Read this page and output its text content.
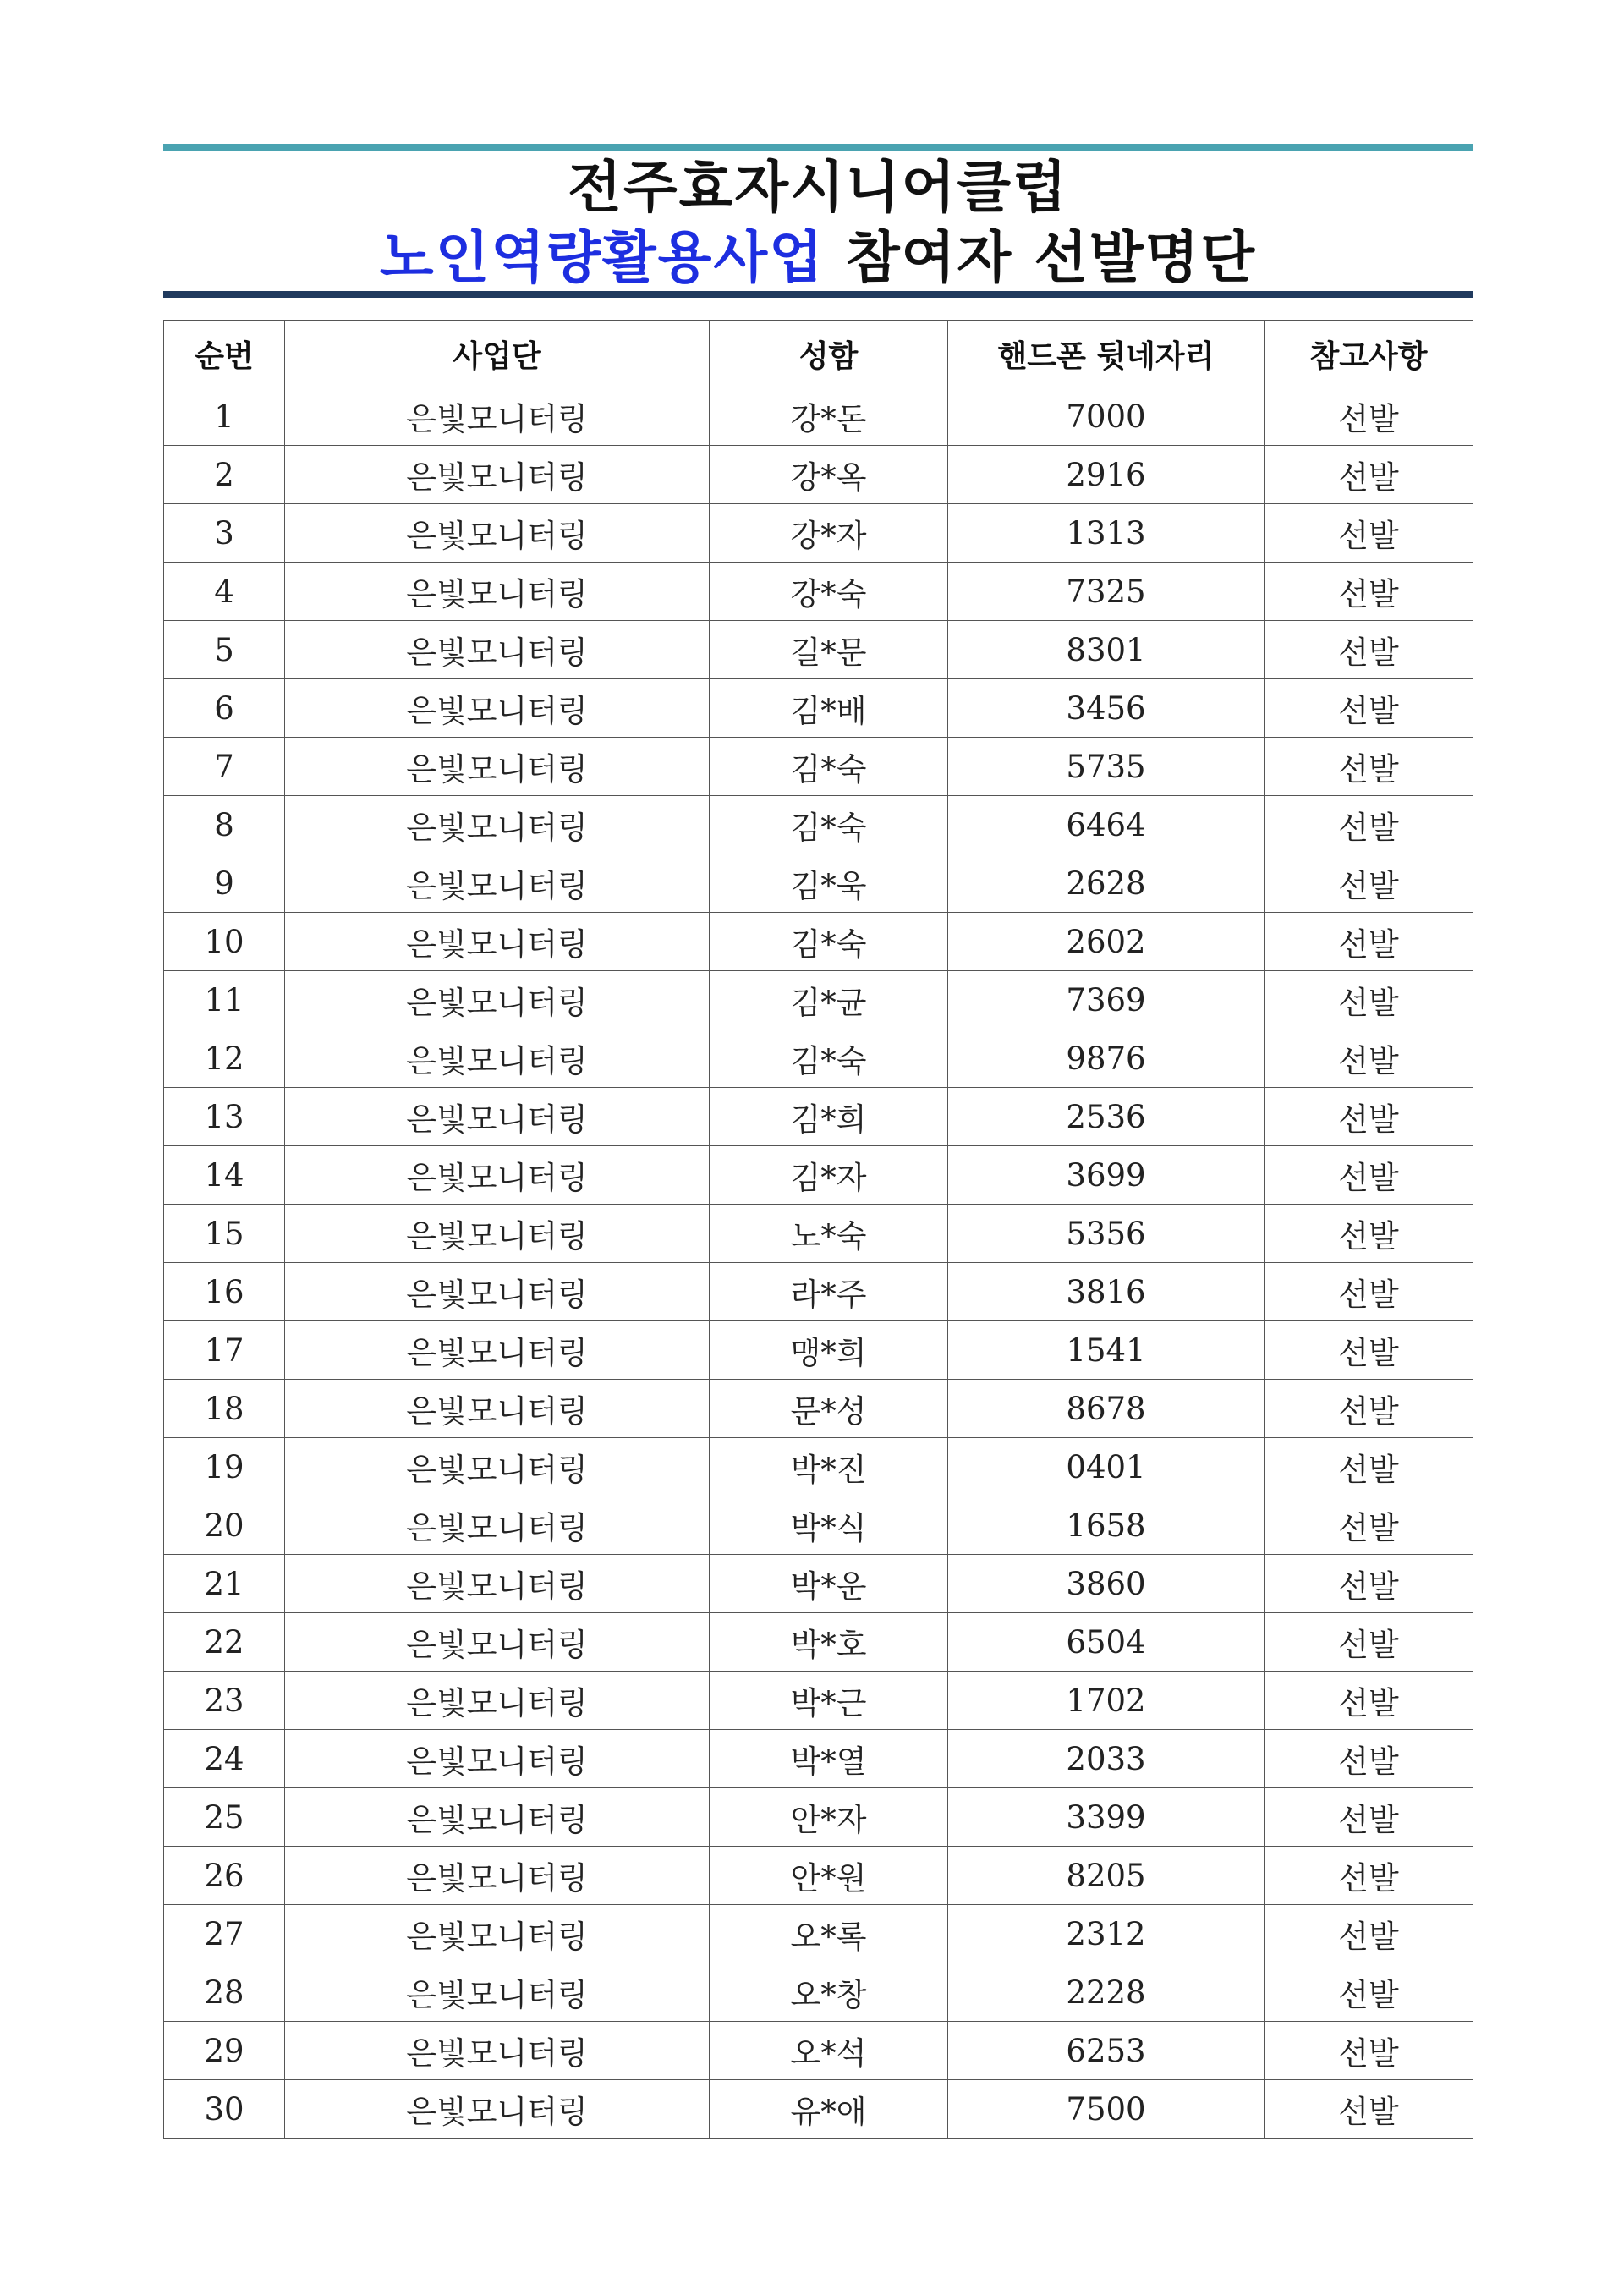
전주효자시니어클럽
노인역량활용사업 참여자 선발명단
순번	사업단	성함	핸드폰 뒷네자리	참고사항
1	은빛모니터링	강*돈	7000	선발
2	은빛모니터링	강*옥	2916	선발
3	은빛모니터링	강*자	1313	선발
4	은빛모니터링	강*숙	7325	선발
5	은빛모니터링	길*문	8301	선발
6	은빛모니터링	김*배	3456	선발
7	은빛모니터링	김*숙	5735	선발
8	은빛모니터링	김*숙	6464	선발
9	은빛모니터링	김*욱	2628	선발
10	은빛모니터링	김*숙	2602	선발
11	은빛모니터링	김*균	7369	선발
12	은빛모니터링	김*숙	9876	선발
13	은빛모니터링	김*희	2536	선발
14	은빛모니터링	김*자	3699	선발
15	은빛모니터링	노*숙	5356	선발
16	은빛모니터링	라*주	3816	선발
17	은빛모니터링	맹*희	1541	선발
18	은빛모니터링	문*성	8678	선발
19	은빛모니터링	박*진	0401	선발
20	은빛모니터링	박*식	1658	선발
21	은빛모니터링	박*운	3860	선발
22	은빛모니터링	박*호	6504	선발
23	은빛모니터링	박*근	1702	선발
24	은빛모니터링	박*열	2033	선발
25	은빛모니터링	안*자	3399	선발
26	은빛모니터링	안*원	8205	선발
27	은빛모니터링	오*록	2312	선발
28	은빛모니터링	오*창	2228	선발
29	은빛모니터링	오*석	6253	선발
30	은빛모니터링	유*애	7500	선발
